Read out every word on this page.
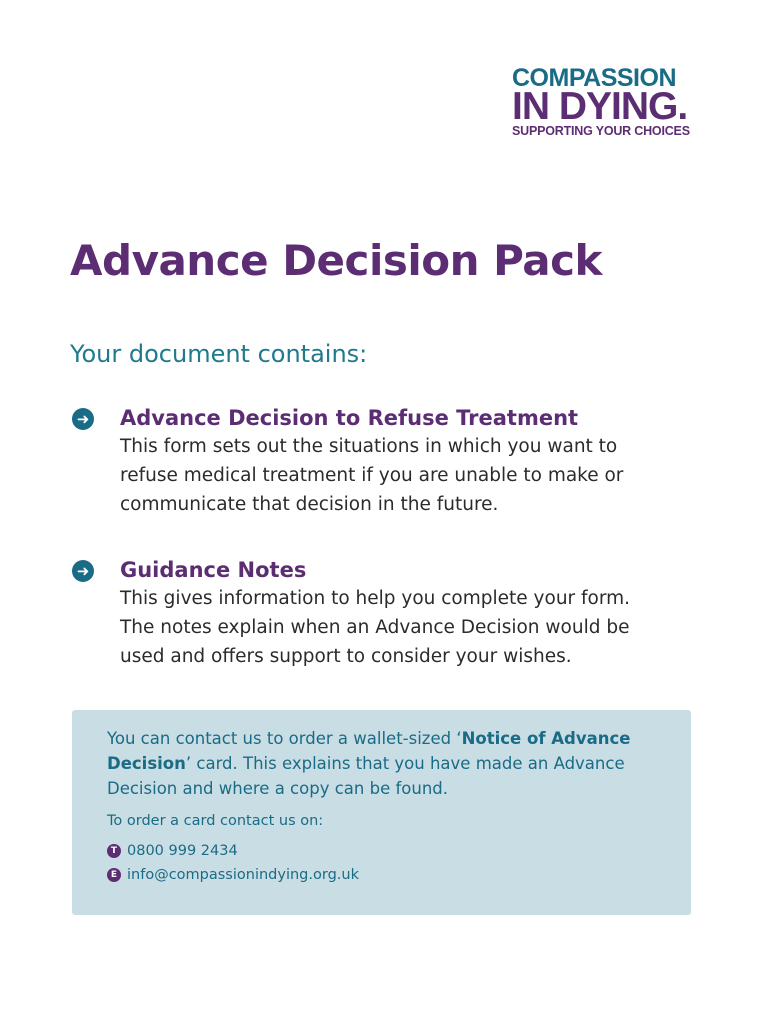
COMPASSION
IN DYING.
SUPPORTING YOUR CHOICES
Advance Decision Pack
Your document contains:
➜ Advance Decision to Refuse Treatment
This form sets out the situations in which you want to refuse medical treatment if you are unable to make or communicate that decision in the future.
➜ Guidance Notes
This gives information to help you complete your form. The notes explain when an Advance Decision would be used and offers support to consider your wishes.
You can contact us to order a wallet-sized ‘Notice of Advance Decision’ card. This explains that you have made an Advance Decision and where a copy can be found.
To order a card contact us on:
T 0800 999 2434
E info@compassionindying.org.uk
